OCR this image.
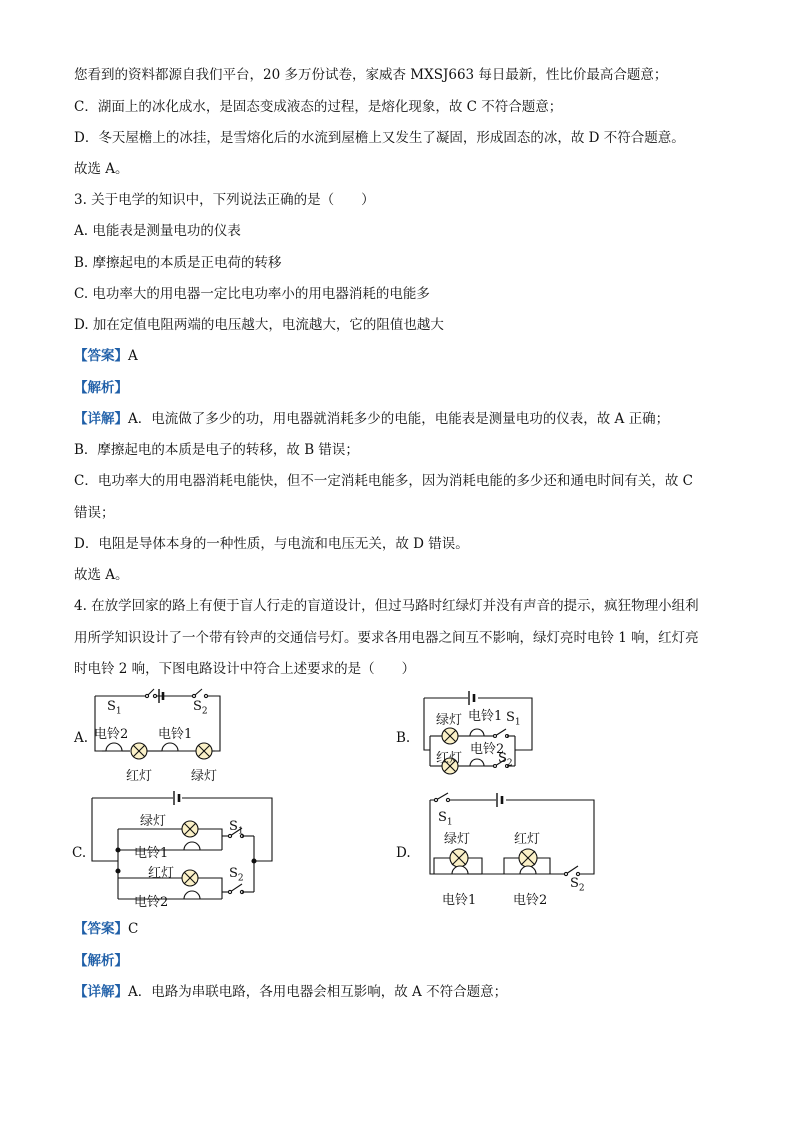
您看到的资料都源自我们平台，20 多万份试卷，家威杏 MXSJ663 每日最新，性比价最高合题意；
C．湖面上的冰化成水，是固态变成液态的过程，是熔化现象，故 C 不符合题意；
D．冬天屋檐上的冰挂，是雪熔化后的水流到屋檐上又发生了凝固，形成固态的冰，故 D 不符合题意。
故选 A。
3. 关于电学的知识中，下列说法正确的是（　　）
A. 电能表是测量电功的仪表
B. 摩擦起电的本质是正电荷的转移
C. 电功率大的用电器一定比电功率小的用电器消耗的电能多
D. 加在定值电阻两端的电压越大，电流越大，它的阻值也越大
【答案】A
【解析】
【详解】A．电流做了多少的功，用电器就消耗多少的电能，电能表是测量电功的仪表，故 A 正确；
B．摩擦起电的本质是电子的转移，故 B 错误；
C．电功率大的用电器消耗电能快，但不一定消耗电能多，因为消耗电能的多少还和通电时间有关，故 C
错误；
D．电阻是导体本身的一种性质，与电流和电压无关，故 D 错误。
故选 A。
4. 在放学回家的路上有便于盲人行走的盲道设计，但过马路时红绿灯并没有声音的提示，疯狂物理小组利
用所学知识设计了一个带有铃声的交通信号灯。要求各用电器之间互不影响，绿灯亮时电铃 1 响，红灯亮
时电铃 2 响，下图电路设计中符合上述要求的是（　　）
A.
$S_1$	$S_2$
电铃2 电铃1
红灯	绿灯
B.
绿灯 电铃1 $S_1$
电铃2
红灯	$S_2$
C.
绿灯	$S_1$
电铃1
红灯	$S_2$
电铃2
D.
$S_1$
绿灯	红灯
电铃1	电铃2
$S_2$
【答案】C
【解析】
【详解】A．电路为串联电路，各用电器会相互影响，故 A 不符合题意；
